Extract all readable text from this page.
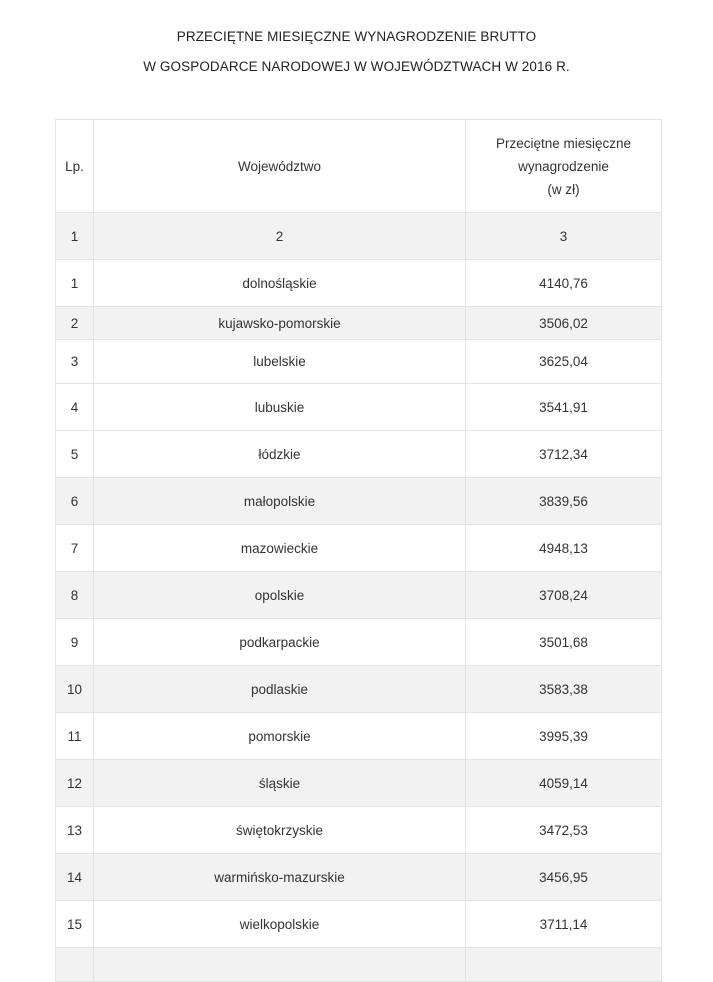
PRZECIĘTNE MIESIĘCZNE WYNAGRODZENIE BRUTTO
W GOSPODARCE NARODOWEJ W WOJEWÓDZTWACH W 2016 R.
Lp.	Województwo	Przeciętne miesięczne
wynagrodzenie
(w zł)

1	2	3
1	dolnośląskie	4140,76
2	kujawsko-pomorskie	3506,02
3	lubelskie	3625,04
4	lubuskie	3541,91
5	łódzkie	3712,34
6	małopolskie	3839,56
7	mazowieckie	4948,13
8	opolskie	3708,24
9	podkarpackie	3501,68
10	podlaskie	3583,38
11	pomorskie	3995,39
12	śląskie	4059,14
13	świętokrzyskie	3472,53
14	warmińsko-mazurskie	3456,95
15	wielkopolskie	3711,14
